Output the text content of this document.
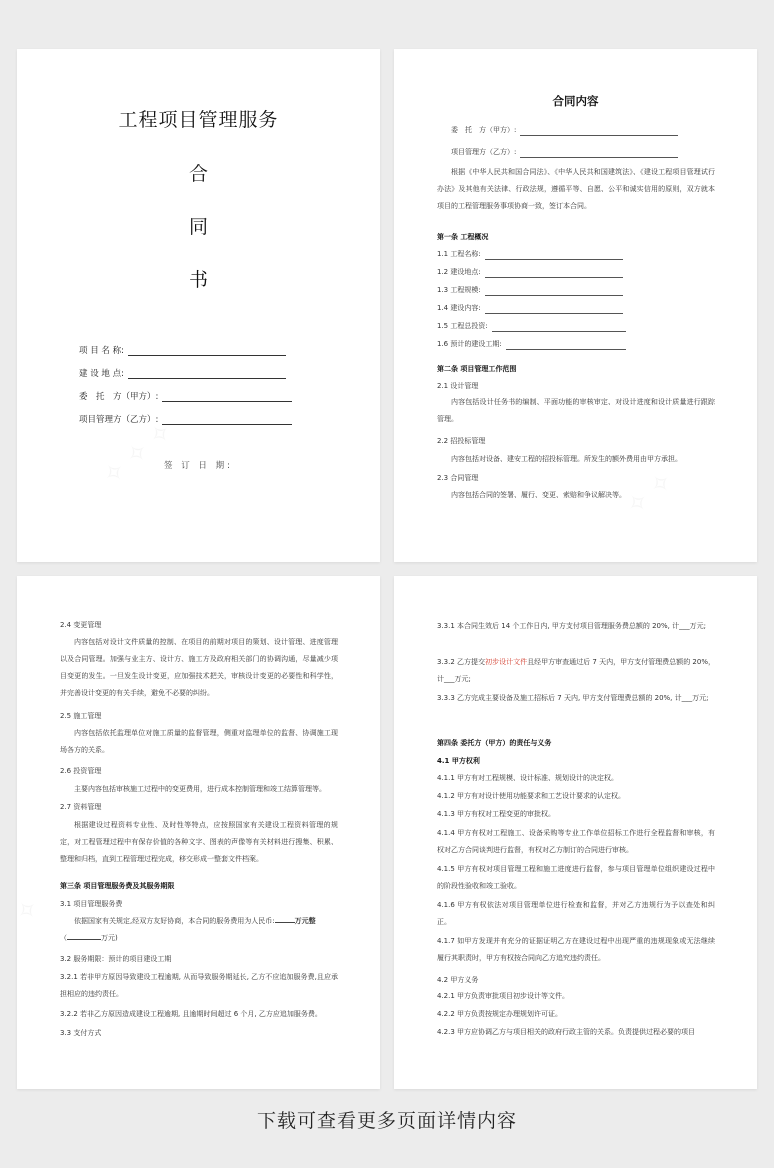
工程项目管理服务
合
同
书
项 目 名 称:
建 设 地 点:
委　托　方（甲方）:
项目管理方（乙方）:
签 订 日 期:
合同内容
委　托　方（甲方）:
项目管理方（乙方）:
根据《中华人民共和国合同法》、《中华人民共和国建筑法》、《建设工程项目管理试行办法》及其他有关法律、行政法规，遵循平等、自愿、公平和诚实信用的原则，双方就本项目的工程管理服务事项协商一致，签订本合同。
第一条 工程概况
1.1 工程名称:
1.2 建设地点:
1.3 工程规模:
1.4 建设内容:
1.5 工程总投资:
1.6 预计的建设工期:
第二条 项目管理工作范围
2.1 设计管理
内容包括设计任务书的编制、平面功能的审核审定、对设计进度和设计质量进行跟踪管理。
2.2 招投标管理
内容包括对设备、建安工程的招投标管理。所发生的额外费用由甲方承担。
2.3 合同管理
内容包括合同的签署、履行、变更、索赔和争议解决等。
2.4 变更管理
内容包括对设计文件质量的控制、在项目的前期对项目的策划、设计管理、进度管理以及合同管理。加强与业主方、设计方、施工方及政府相关部门的协调沟通，尽量减少项目变更的发生。一旦发生设计变更，应加强技术把关，审核设计变更的必要性和科学性，并完善设计变更的有关手续，避免不必要的纠纷。
2.5 施工管理
内容包括依托监理单位对施工质量的监督管理，侧重对监理单位的监督、协调施工现场各方的关系。
2.6 投资管理
主要内容包括审核施工过程中的变更费用，进行成本控制管理和竣工结算管理等。
2.7 资料管理
根据建设过程资料专业性、及时性等特点，应按照国家有关建设工程资料管理的规定，对工程管理过程中有保存价值的各种文字、图表的声像等有关材料进行搜集、积累、整理和归档，直到工程管理过程完成，移交形成一整套文件档案。
第三条 项目管理服务费及其服务期限
3.1 项目管理服务费
依据国家有关规定,经双方友好协商，本合同的服务费用为人民币:	万元整
（	万元)
3.2 服务期限：预计的项目建设工期
3.2.1 若非甲方原因导致建设工程逾期, 从而导致服务期延长, 乙方不应追加服务费,且应承担相应的违约责任。
3.2.2 若非乙方原因造成建设工程逾期, 且逾期时间超过 6 个月, 乙方应追加服务费。
3.3 支付方式
3.3.1 本合同生效后 14 个工作日内, 甲方支付项目管理服务费总额的 20%, 计___万元;
3.3.2 乙方提交初步设计文件且经甲方审查通过后 7 天内，甲方支付管理费总额的 20%，计___万元;
3.3.3 乙方完成主要设备及施工招标后 7 天内, 甲方支付管理费总额的 20%, 计___万元;
第四条 委托方（甲方）的责任与义务
4.1 甲方权利
4.1.1 甲方有对工程规模、设计标准、规划设计的决定权。
4.1.2 甲方有对设计使用功能要求和工艺设计要求的认定权。
4.1.3 甲方有权对工程变更的审批权。
4.1.4 甲方有权对工程施工、设备采购等专业工作单位招标工作进行全程监督和审核，有权对乙方合同谈判进行监督，有权对乙方制订的合同进行审核。
4.1.5 甲方有权对项目管理工程和施工进度进行监督，参与项目管理单位组织建设过程中的阶段性验收和竣工验收。
4.1.6 甲方有权依法对项目管理单位进行检查和监督，并对乙方违规行为予以查处和纠正。
4.1.7 如甲方发现并有充分的证据证明乙方在建设过程中出现严重的违规现象或无法继续履行其职责时，甲方有权按合同向乙方追究违约责任。
4.2 甲方义务
4.2.1 甲方负责审批项目初步设计等文件。
4.2.2 甲方负责按规定办理规划许可证。
4.2.3 甲方应协调乙方与项目相关的政府行政主管的关系。负责提供过程必要的项目
下载可查看更多页面详情内容
